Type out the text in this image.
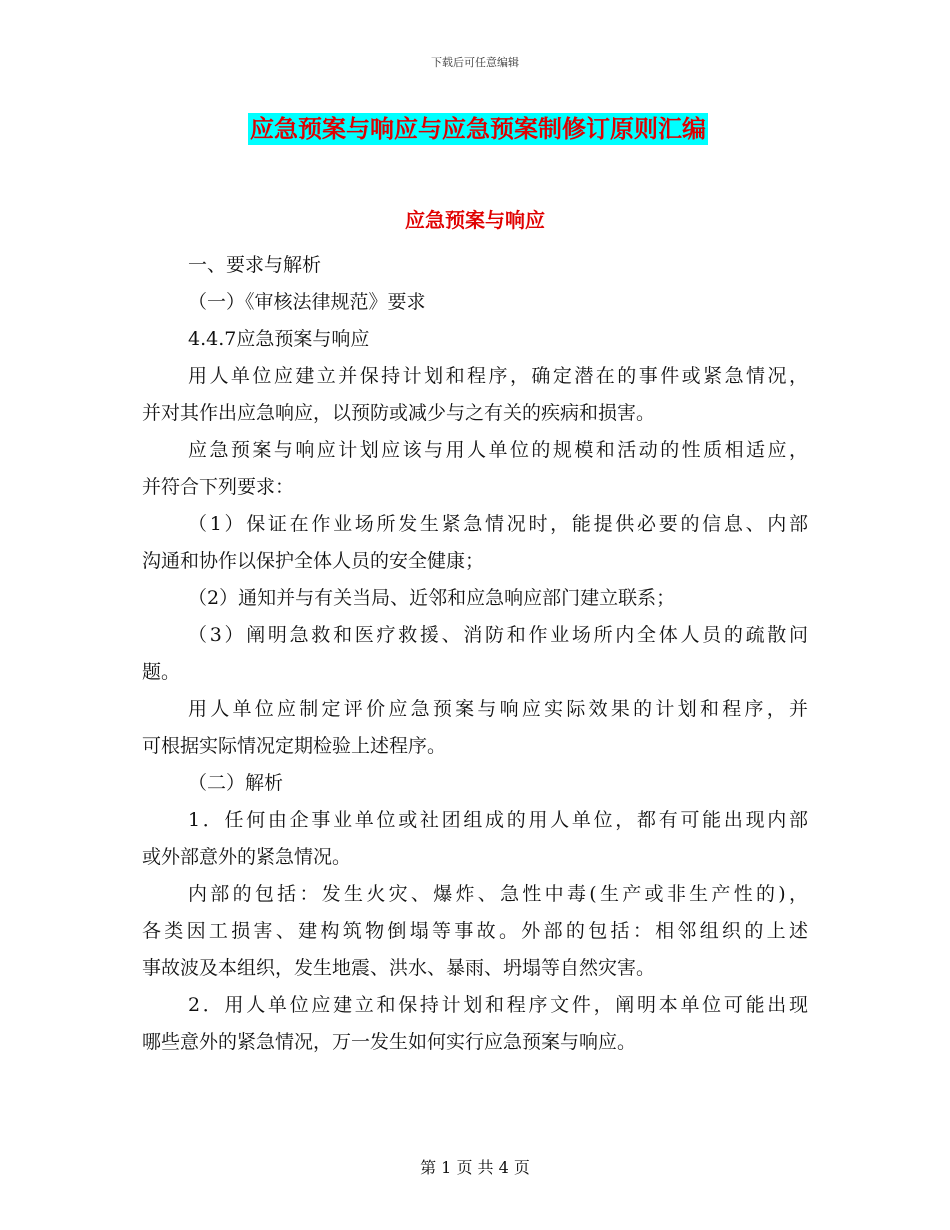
下载后可任意编辑
应急预案与响应与应急预案制修订原则汇编
应急预案与响应
一、要求与解析
（一）《审核法律规范》要求
4.4.7应急预案与响应
用人单位应建立并保持计划和程序，确定潜在的事件或紧急情况，
并对其作出应急响应，以预防或减少与之有关的疾病和损害。
应急预案与响应计划应该与用人单位的规模和活动的性质相适应，
并符合下列要求：
（1）保证在作业场所发生紧急情况时，能提供必要的信息、内部
沟通和协作以保护全体人员的安全健康；
（2）通知并与有关当局、近邻和应急响应部门建立联系；
（3）阐明急救和医疗救援、消防和作业场所内全体人员的疏散问
题。
用人单位应制定评价应急预案与响应实际效果的计划和程序，并
可根据实际情况定期检验上述程序。
（二）解析
1．任何由企事业单位或社团组成的用人单位，都有可能出现内部
或外部意外的紧急情况。
内部的包括：发生火灾、爆炸、急性中毒(生产或非生产性的)，
各类因工损害、建构筑物倒塌等事故。外部的包括：相邻组织的上述
事故波及本组织，发生地震、洪水、暴雨、坍塌等自然灾害。
2．用人单位应建立和保持计划和程序文件，阐明本单位可能出现
哪些意外的紧急情况，万一发生如何实行应急预案与响应。
第 1 页 共 4 页
